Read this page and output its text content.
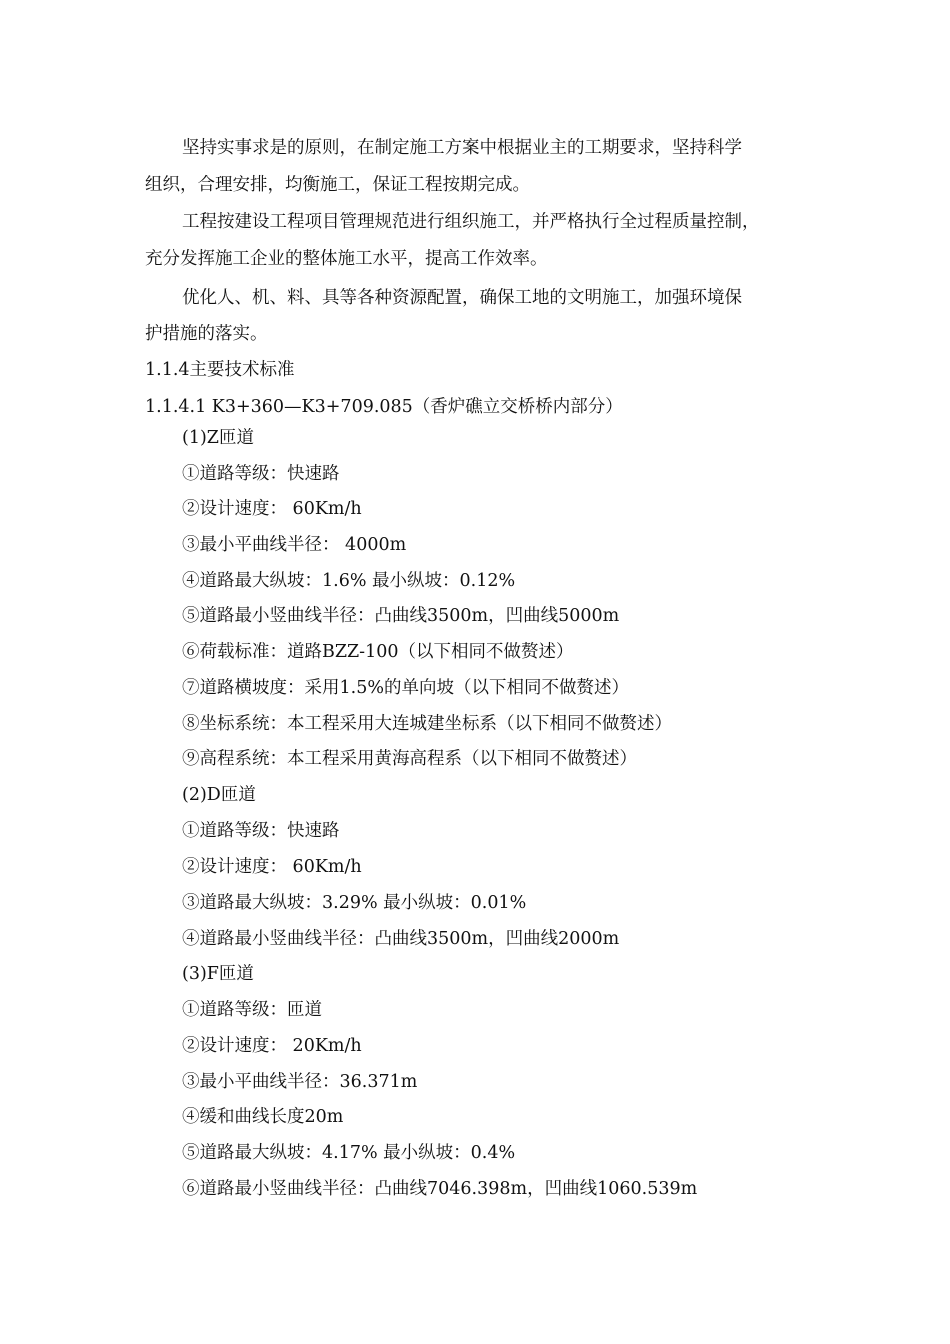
坚持实事求是的原则，在制定施工方案中根据业主的工期要求，坚持科学
组织，合理安排，均衡施工，保证工程按期完成。
工程按建设工程项目管理规范进行组织施工，并严格执行全过程质量控制，
充分发挥施工企业的整体施工水平，提高工作效率。
优化人、机、料、具等各种资源配置，确保工地的文明施工，加强环境保
护措施的落实。
1.1.4主要技术标准
1.1.4.1 K3+360—K3+709.085（香炉礁立交桥桥内部分）
(1)Z匝道
①道路等级：快速路
②设计速度： 60Km/h
③最小平曲线半径： 4000m
④道路最大纵坡：1.6% 最小纵坡：0.12%
⑤道路最小竖曲线半径：凸曲线3500m，凹曲线5000m
⑥荷载标准：道路BZZ-100（以下相同不做赘述）
⑦道路横坡度：采用1.5%的单向坡（以下相同不做赘述）
⑧坐标系统：本工程采用大连城建坐标系（以下相同不做赘述）
⑨高程系统：本工程采用黄海高程系（以下相同不做赘述）
(2)D匝道
①道路等级：快速路
②设计速度： 60Km/h
③道路最大纵坡：3.29% 最小纵坡：0.01%
④道路最小竖曲线半径：凸曲线3500m，凹曲线2000m
(3)F匝道
①道路等级：匝道
②设计速度： 20Km/h
③最小平曲线半径：36.371m
④缓和曲线长度20m
⑤道路最大纵坡：4.17% 最小纵坡：0.4%
⑥道路最小竖曲线半径：凸曲线7046.398m，凹曲线1060.539m
